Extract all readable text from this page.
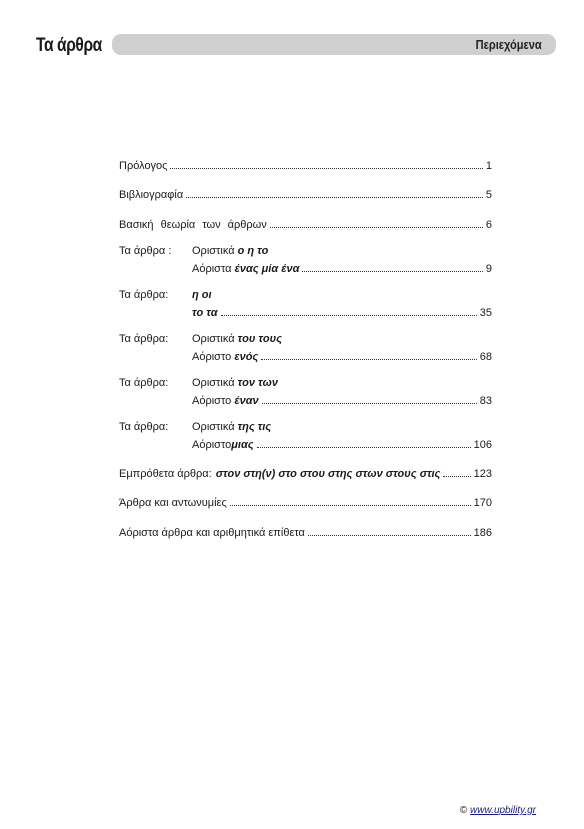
Τα άρθρα	Περιεχόμενα
Πρόλογος	1
Βιβλιογραφία	5
Βασική θεωρία των άρθρων	6
Τα άρθρα : Οριστικά ο η το
Αόριστα ένας μία ένα	9
Τα άρθρα: η οι
το τα	35
Τα άρθρα: Οριστικά του τους
Αόριστο ενός	68
Τα άρθρα: Οριστικά τον των
Αόριστο έναν	83
Τα άρθρα: Οριστικά της τις
Αόριστομιας	106
Εμπρόθετα άρθρα: στον στη(ν) στο στου στης στων στους στις	123
Άρθρα και αντωνυμίες	170
Αόριστα άρθρα και αριθμητικά επίθετα	186
© www.upbility.gr
